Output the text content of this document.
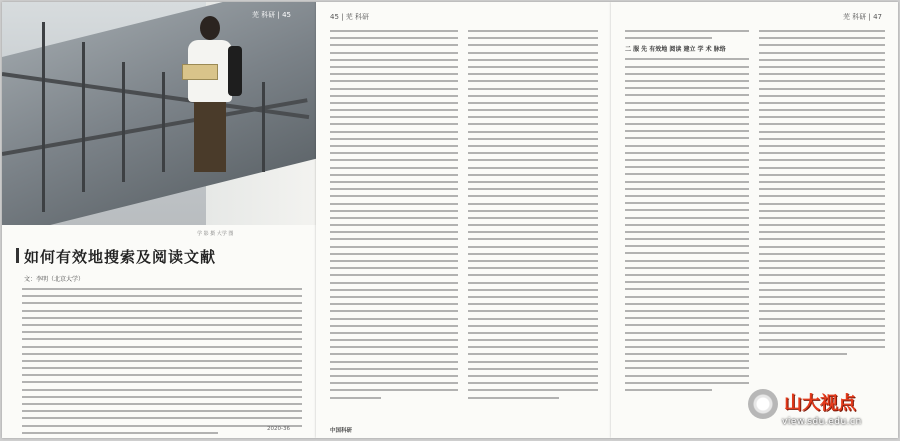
芜 科研 | 45
学 影 摄 大学 图
如何有效地搜索及阅读文献
文：李明（北京大学）
2020-36
45 | 芜 科研
中国科研
芜 科研 | 47
二 服 先 有效地 阅读 建立 学 术 脉络
山大视点
view.sdu.edu.cn
